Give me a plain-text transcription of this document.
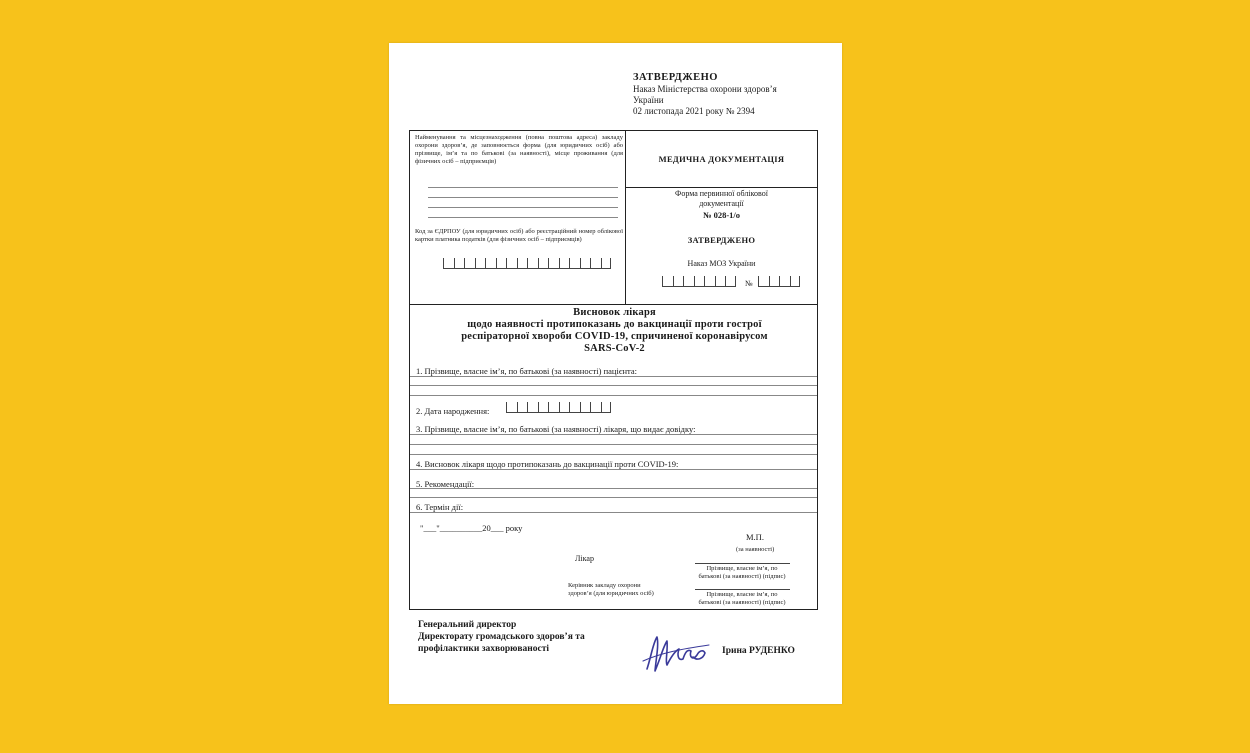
ЗАТВЕРДЖЕНО
Наказ Міністерства охорони здоров’я
України
02 листопада 2021 року № 2394
Найменування та місцезнаходження (повна поштова адреса) закладу охорони здоров’я, де заповнюється форма (для юридичних осіб) або прізвище, ім’я та по батькові (за наявності), місце проживання (для фізичних осіб – підприємців)
Код за ЄДРПОУ (для юридичних осіб) або реєстраційний номер облікової картки платника податків (для фізичних осіб – підприємців)
МЕДИЧНА ДОКУМЕНТАЦІЯ
Форма первинної облікової
документації
№ 028-1/о
ЗАТВЕРДЖЕНО
Наказ МОЗ України
№
Висновок лікаря
щодо наявності протипоказань до вакцинації проти гострої
респіраторної хвороби COVID-19, спричиненої коронавірусом
SARS-CoV-2
1. Прізвище, власне ім’я, по батькові (за наявності) пацієнта:
2. Дата народження:
3. Прізвище, власне ім’я, по батькові (за наявності) лікаря, що видає довідку:
4. Висновок лікаря щодо протипоказань до вакцинації проти COVID-19:
5. Рекомендації:
6. Термін дії:
"___"__________20___ року
М.П.
(за наявності)
Лікар
Прізвище, власне ім’я, по
батькові (за наявності) (підпис)
Керівник закладу охорони
здоров’я (для юридичних осіб)	Прізвище, власне ім’я, по
батькові (за наявності) (підпис)
Генеральний директор
Директорату громадського здоров’я та
профілактики захворюваності	Ірина РУДЕНКО
